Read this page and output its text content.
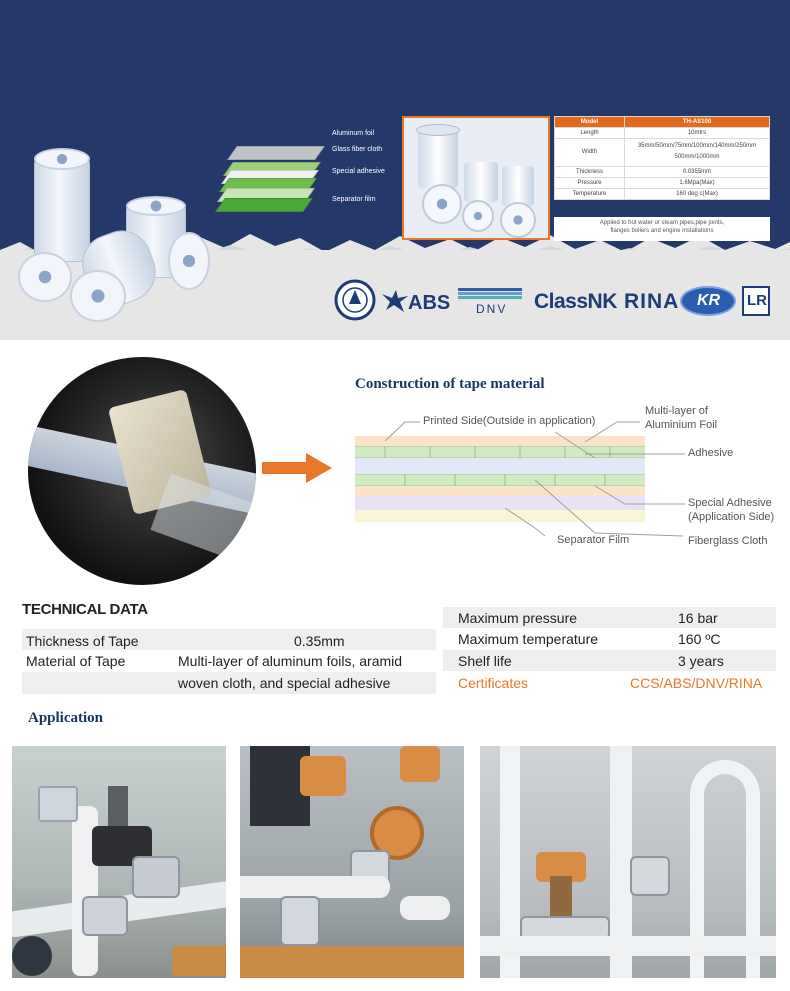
Aluminum foil
Glass fiber cloth
Special adhesive
Separator film
Model	TH-AS100
Length	10mtrs
Width	35mm/50mm/75mm/100mm/140mm/250mm
500mm/1000mm
Thickness	0.0355mm
Pressure	1.6Mpa(Max)
Temperature	160 deg c(Max)
Applied to hot water or steam pipes,pipe joints,
flanges boilers and engine installations
ABS DNV ClassNK RINA KR LR
Construction of tape material
Printed Side(Outside in application)
Multi-layer of
Aluminium Foil
Adhesive
Special Adhesive
(Application Side)
Separator Film	Fiberglass Cloth
TECHNICAL DATA
Thickness of Tape	0.35mm
Material of Tape	Multi-layer of aluminum foils, aramid
woven cloth, and special adhesive
Maximum pressure	16 bar
Maximum temperature	160 ºC
Shelf life	3 years
Certificates	CCS/ABS/DNV/RINA
Application
